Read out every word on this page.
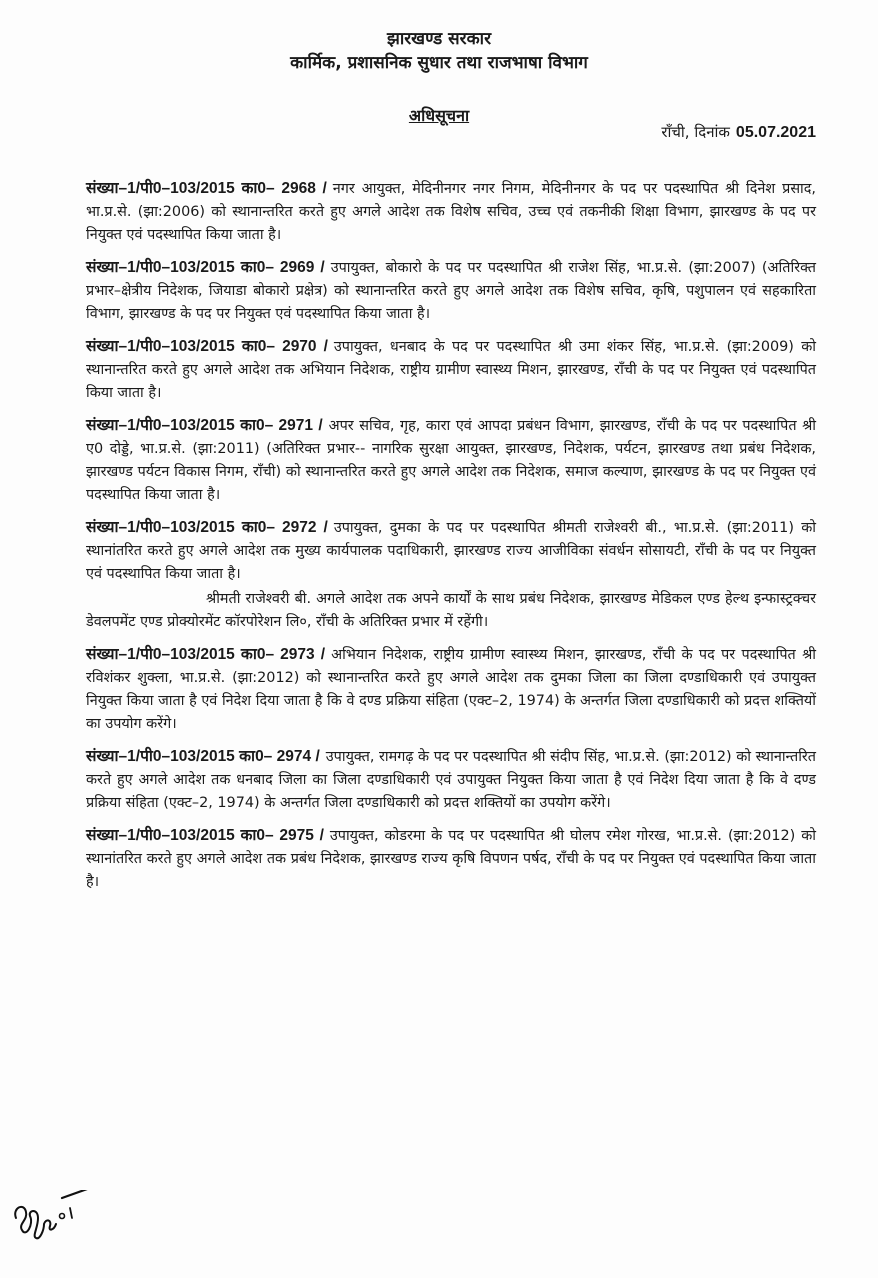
झारखण्ड सरकार
कार्मिक, प्रशासनिक सुधार तथा राजभाषा विभाग
अधिसूचना
राँची, दिनांक 05.07.2021

संख्या–1/पी0–103/2015 का0– 2968 / नगर आयुक्त, मेदिनीनगर नगर निगम, मेदिनीनगर के पद पर पदस्थापित श्री दिनेश प्रसाद, भा.प्र.से. (झा:2006) को स्थानान्तरित करते हुए अगले आदेश तक विशेष सचिव, उच्च एवं तकनीकी शिक्षा विभाग, झारखण्ड के पद पर नियुक्त एवं पदस्थापित किया जाता है।

संख्या–1/पी0–103/2015 का0– 2969 / उपायुक्त, बोकारो के पद पर पदस्थापित श्री राजेश सिंह, भा.प्र.से. (झा:2007) (अतिरिक्त प्रभार–क्षेत्रीय निदेशक, जियाडा बोकारो प्रक्षेत्र) को स्थानान्तरित करते हुए अगले आदेश तक विशेष सचिव, कृषि, पशुपालन एवं सहकारिता विभाग, झारखण्ड के पद पर नियुक्त एवं पदस्थापित किया जाता है।

संख्या–1/पी0–103/2015 का0– 2970 / उपायुक्त, धनबाद के पद पर पदस्थापित श्री उमा शंकर सिंह, भा.प्र.से. (झा:2009) को स्थानान्तरित करते हुए अगले आदेश तक अभियान निदेशक, राष्ट्रीय ग्रामीण स्वास्थ्य मिशन, झारखण्ड, राँची के पद पर नियुक्त एवं पदस्थापित किया जाता है।

संख्या–1/पी0–103/2015 का0– 2971 / अपर सचिव, गृह, कारा एवं आपदा प्रबंधन विभाग, झारखण्ड, राँची के पद पर पदस्थापित श्री ए0 दोड्डे, भा.प्र.से. (झा:2011) (अतिरिक्त प्रभार-- नागरिक सुरक्षा आयुक्त, झारखण्ड, निदेशक, पर्यटन, झारखण्ड तथा प्रबंध निदेशक, झारखण्ड पर्यटन विकास निगम, राँची) को स्थानान्तरित करते हुए अगले आदेश तक निदेशक, समाज कल्याण, झारखण्ड के पद पर नियुक्त एवं पदस्थापित किया जाता है।

संख्या–1/पी0–103/2015 का0– 2972 / उपायुक्त, दुमका के पद पर पदस्थापित श्रीमती राजेश्वरी बी., भा.प्र.से. (झा:2011) को स्थानांतरित करते हुए अगले आदेश तक मुख्य कार्यपालक पदाधिकारी, झारखण्ड राज्य आजीविका संवर्धन सोसायटी, राँची के पद पर नियुक्त एवं पदस्थापित किया जाता है।

श्रीमती राजेश्वरी बी. अगले आदेश तक अपने कार्यों के साथ प्रबंध निदेशक, झारखण्ड मेडिकल एण्ड हेल्थ इन्फास्ट्रक्चर डेवलपमेंट एण्ड प्रोक्योरमेंट कॉरपोरेशन लि०, राँची के अतिरिक्त प्रभार में रहेंगी।

संख्या–1/पी0–103/2015 का0– 2973 / अभियान निदेशक, राष्ट्रीय ग्रामीण स्वास्थ्य मिशन, झारखण्ड, राँची के पद पर पदस्थापित श्री रविशंकर शुक्ला, भा.प्र.से. (झा:2012) को स्थानान्तरित करते हुए अगले आदेश तक दुमका जिला का जिला दण्डाधिकारी एवं उपायुक्त नियुक्त किया जाता है एवं निदेश दिया जाता है कि वे दण्ड प्रक्रिया संहिता (एक्ट–2, 1974) के अन्तर्गत जिला दण्डाधिकारी को प्रदत्त शक्तियों का उपयोग करेंगे।

संख्या–1/पी0–103/2015 का0– 2974 / उपायुक्त, रामगढ़ के पद पर पदस्थापित श्री संदीप सिंह, भा.प्र.से. (झा:2012) को स्थानान्तरित करते हुए अगले आदेश तक धनबाद जिला का जिला दण्डाधिकारी एवं उपायुक्त नियुक्त किया जाता है एवं निदेश दिया जाता है कि वे दण्ड प्रक्रिया संहिता (एक्ट–2, 1974) के अन्तर्गत जिला दण्डाधिकारी को प्रदत्त शक्तियों का उपयोग करेंगे।

संख्या–1/पी0–103/2015 का0– 2975 / उपायुक्त, कोडरमा के पद पर पदस्थापित श्री घोलप रमेश गोरख, भा.प्र.से. (झा:2012) को स्थानांतरित करते हुए अगले आदेश तक प्रबंध निदेशक, झारखण्ड राज्य कृषि विपणन पर्षद, राँची के पद पर नियुक्त एवं पदस्थापित किया जाता है।
